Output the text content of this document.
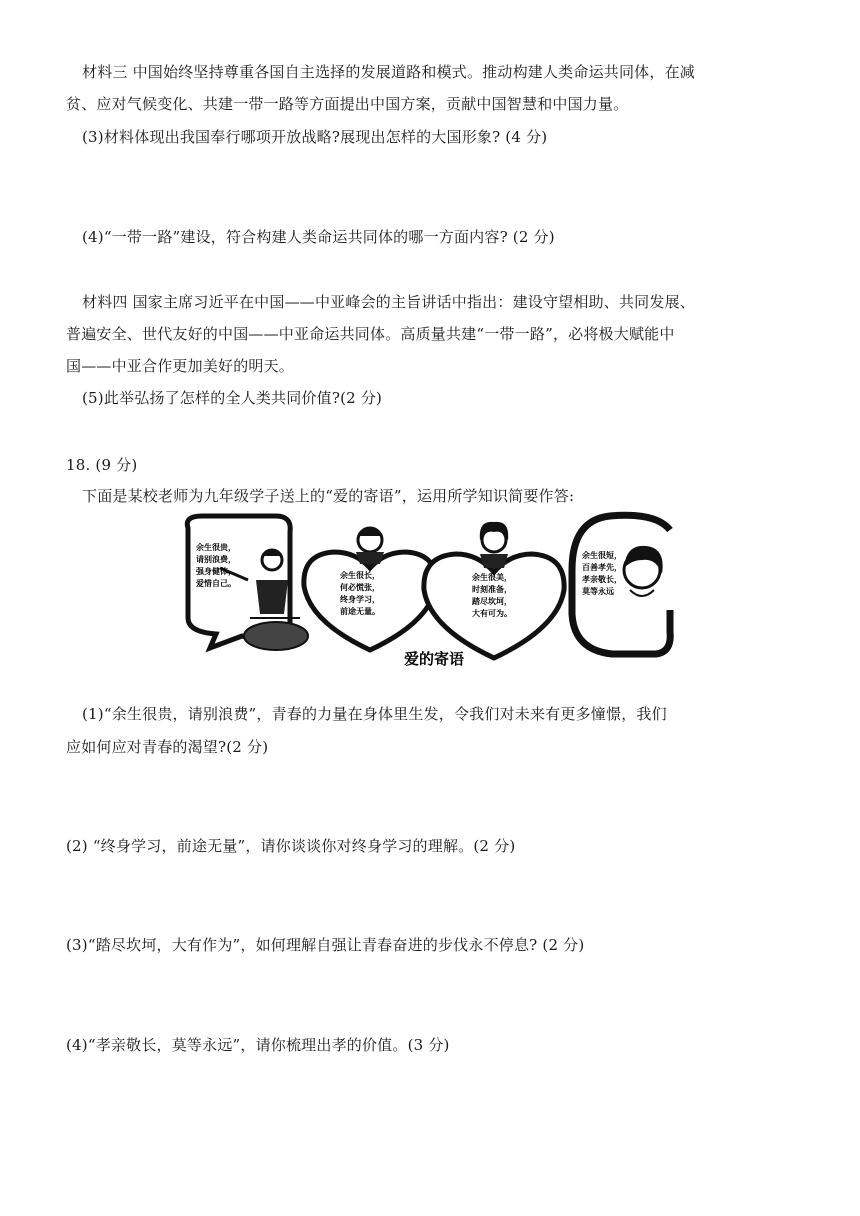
材料三 中国始终坚持尊重各国自主选择的发展道路和模式。推动构建人类命运共同体，在减
贫、应对气候变化、共建一带一路等方面提出中国方案，贡献中国智慧和中国力量。
(3)材料体现出我国奉行哪项开放战略?展现出怎样的大国形象? (4 分)
(4)“一带一路”建设，符合构建人类命运共同体的哪一方面内容? (2 分)
材料四 国家主席习近平在中国——中亚峰会的主旨讲话中指出：建设守望相助、共同发展、
普遍安全、世代友好的中国——中亚命运共同体。高质量共建“一带一路”，必将极大赋能中
国——中亚合作更加美好的明天。
(5)此举弘扬了怎样的全人类共同价值?(2 分)
18. (9 分)
下面是某校老师为九年级学子送上的“爱的寄语”，运用所学知识简要作答:
余生很贵，
请别浪费，
强身健体，
爱惜自己。
余生很长，
何必慌张，
终身学习，
前途无量。
余生很美，
时刻准备，
踏尽坎坷，
大有可为。
余生很短，
百善孝先，
孝亲敬长，
莫等永远
爱的寄语
(1)“余生很贵，请别浪费”，青春的力量在身体里生发，令我们对未来有更多憧憬，我们
应如何应对青春的渴望?(2 分)
(2) “终身学习，前途无量”，请你谈谈你对终身学习的理解。(2 分)
(3)“踏尽坎坷，大有作为”，如何理解自强让青春奋进的步伐永不停息? (2 分)
(4)“孝亲敬长，莫等永远”，请你梳理出孝的价值。(3 分)
